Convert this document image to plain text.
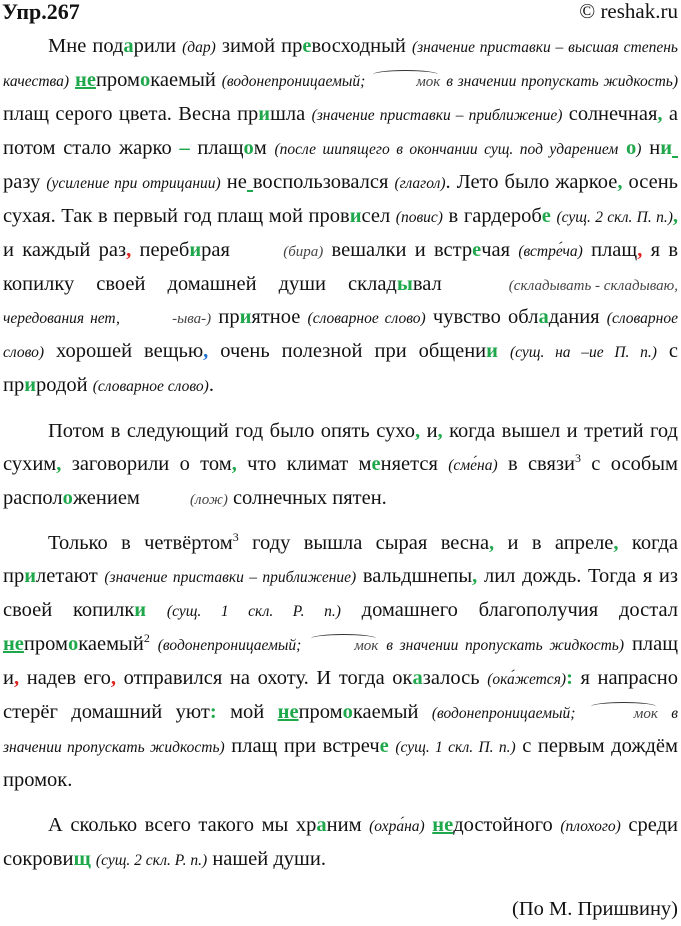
Упр.267	© reshak.ru

Мне подарили (дар) зимой превосходный (значение приставки – высшая степень качества) непромокаемый (водонепроницаемый;	мок в значении пропускать жидкость) плащ серого цвета. Весна пришла (значение приставки – приближение) солнечная, а потом стало жарко – плащом (после шипящего в окончании сущ. под ударением о) ниразу (усиление при отрицании) не воспользовался (глагол). Лето было жаркое, осень сухая. Так в первый год плащ мой провисел (повис) в гардеробе (сущ. 2 скл. П. п.), и каждый раз, перебирая	(бира) вешалки и встречая (встре́ча) плащ, я в копилку своей домашней души складывал	(складывать - складываю, чередования нет,	-ыва-) приятное (словарное слово) чувство обладания (словарное слово) хорошей вещью, очень полезной при общении (сущ. на –ие П. п.) с природой (словарное слово).

Потом в следующий год было опять сухо, и, когда вышел и третий год сухим, заговорили о том, что климат меняется (сме́на) в связи$^3$ с особым расположением	(лож) солнечных пятен.

Только в четвёртом$^3$ году вышла сырая весна, и в апреле, когда прилетают (значение приставки – приближение) вальдшнепы, лил дождь. Тогда я из своей копилки (сущ. 1 скл. Р. п.) домашнего благополучия достал непромокаемый$^2$ (водонепроницаемый;	мок в значении пропускать жидкость) плащ и, надев его, отправился на охоту. И тогда оказалось (ока́жется): я напрасно стерёг домашний уют: мой непромокаемый (водонепроницаемый;	мок в значении пропускать жидкость) плащ при встрече (сущ. 1 скл. П. п.) с первым дождём промок.

А сколько всего такого мы храним (охра́на) недостойного (плохого) среди сокровищ (сущ. 2 скл. Р. п.) нашей души.

(По М. Пришвину)
